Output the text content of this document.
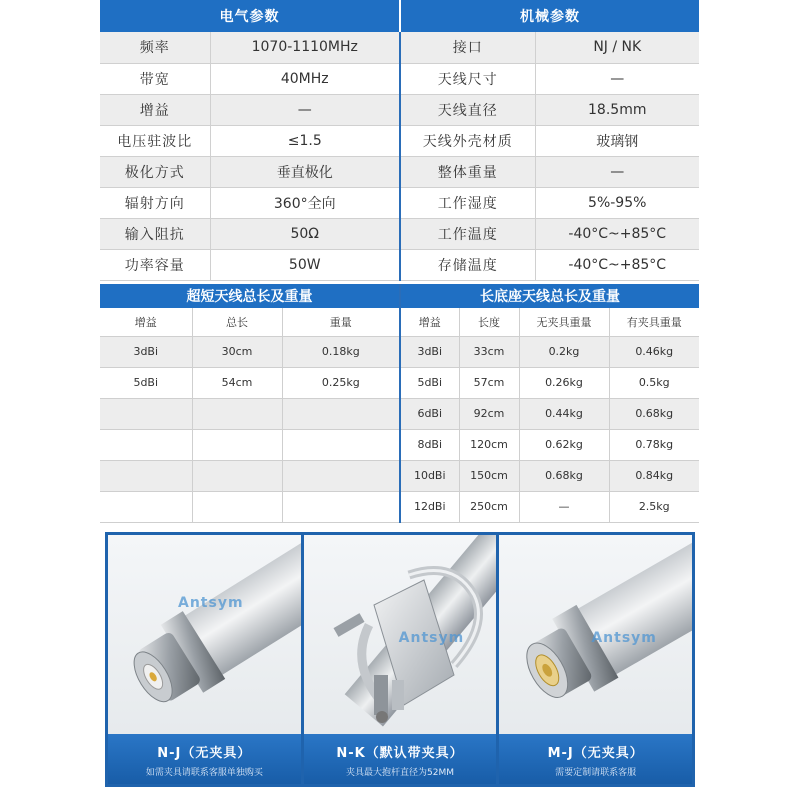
电气参数		机械参数	
频率	1070-1110MHz	接口	NJ / NK
带宽	40MHz	天线尺寸	—
增益	—	天线直径	18.5mm
电压驻波比	≤1.5	天线外壳材质	玻璃钢
极化方式	垂直极化	整体重量	—
辐射方向	360°全向	工作湿度	5%-95%
输入阻抗	50Ω	工作温度	-40°C~+85°C
功率容量	50W	存储温度	-40°C~+85°C
超短天线总长及重量		
增益	总长	重量
3dBi	30cm	0.18kg
5dBi	54cm	0.25kg

长底座天线总长及重量			
增益	长度	无夹具重量	有夹具重量
3dBi	33cm	0.2kg	0.46kg
5dBi	57cm	0.26kg	0.5kg
6dBi	92cm	0.44kg	0.68kg
8dBi	120cm	0.62kg	0.78kg
10dBi	150cm	0.68kg	0.84kg
12dBi	250cm	—	2.5kg
Antsym
N-J（无夹具）
如需夹具请联系客服单独购买
Antsym
N-K（默认带夹具）
夹具最大抱杆直径为52MM
Antsym
M-J（无夹具）
需要定制请联系客服
